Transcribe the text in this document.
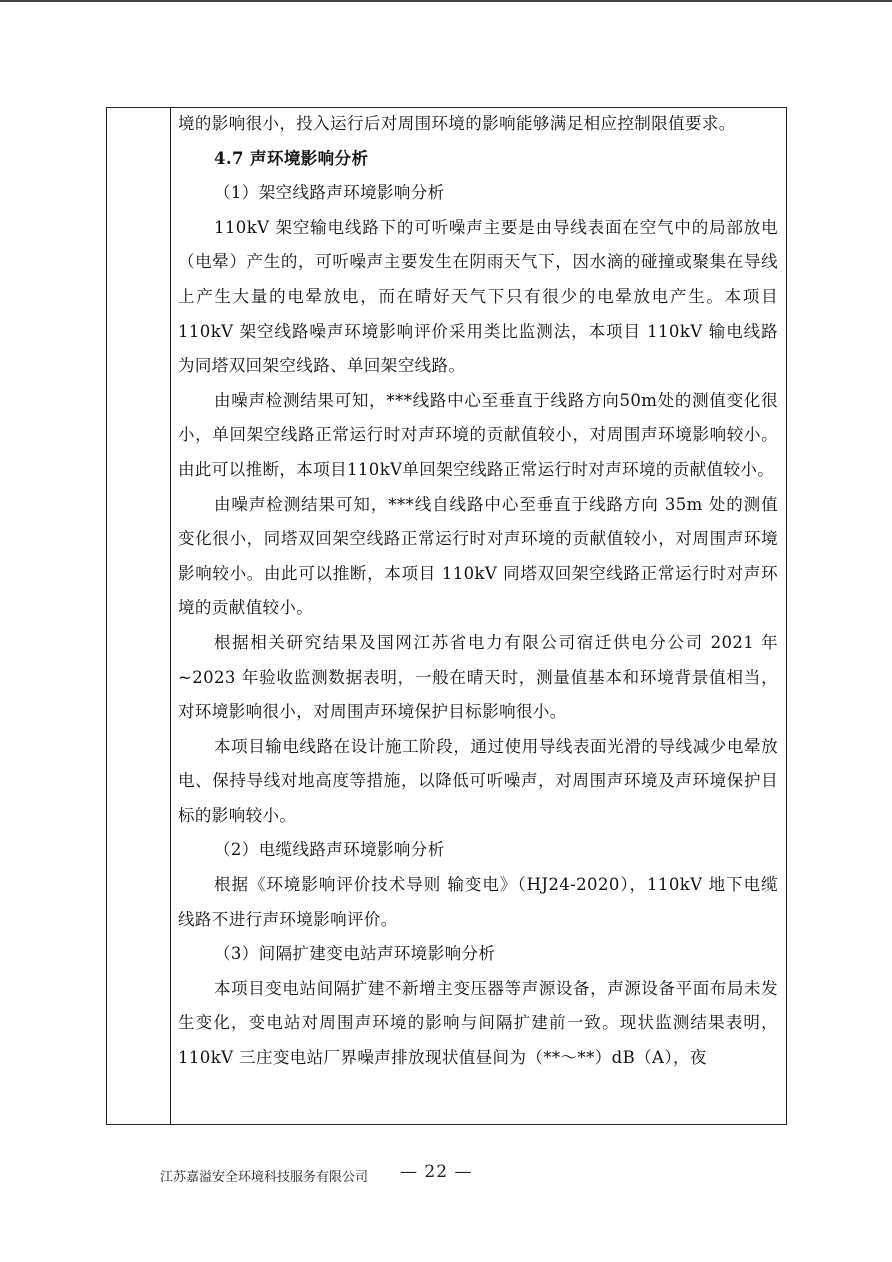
境的影响很小，投入运行后对周围环境的影响能够满足相应控制限值要求。

4.7 声环境影响分析

（1）架空线路声环境影响分析

110kV 架空输电线路下的可听噪声主要是由导线表面在空气中的局部放电（电晕）产生的，可听噪声主要发生在阴雨天气下，因水滴的碰撞或聚集在导线上产生大量的电晕放电，而在晴好天气下只有很少的电晕放电产生。本项目 110kV 架空线路噪声环境影响评价采用类比监测法，本项目 110kV 输电线路为同塔双回架空线路、单回架空线路。

由噪声检测结果可知，***线路中心至垂直于线路方向50m处的测值变化很小，单回架空线路正常运行时对声环境的贡献值较小，对周围声环境影响较小。由此可以推断，本项目110kV单回架空线路正常运行时对声环境的贡献值较小。

由噪声检测结果可知，***线自线路中心至垂直于线路方向 35m 处的测值变化很小，同塔双回架空线路正常运行时对声环境的贡献值较小，对周围声环境影响较小。由此可以推断，本项目 110kV 同塔双回架空线路正常运行时对声环境的贡献值较小。

根据相关研究结果及国网江苏省电力有限公司宿迁供电分公司 2021 年~2023 年验收监测数据表明，一般在晴天时，测量值基本和环境背景值相当，对环境影响很小，对周围声环境保护目标影响很小。

本项目输电线路在设计施工阶段，通过使用导线表面光滑的导线减少电晕放电、保持导线对地高度等措施，以降低可听噪声，对周围声环境及声环境保护目标的影响较小。

（2）电缆线路声环境影响分析

根据《环境影响评价技术导则 输变电》（HJ24-2020），110kV 地下电缆线路不进行声环境影响评价。

（3）间隔扩建变电站声环境影响分析

本项目变电站间隔扩建不新增主变压器等声源设备，声源设备平面布局未发生变化，变电站对周围声环境的影响与间隔扩建前一致。现状监测结果表明，110kV 三庄变电站厂界噪声排放现状值昼间为（**～**）dB（A），夜

江苏嘉溢安全环境科技服务有限公司 — 22 —
